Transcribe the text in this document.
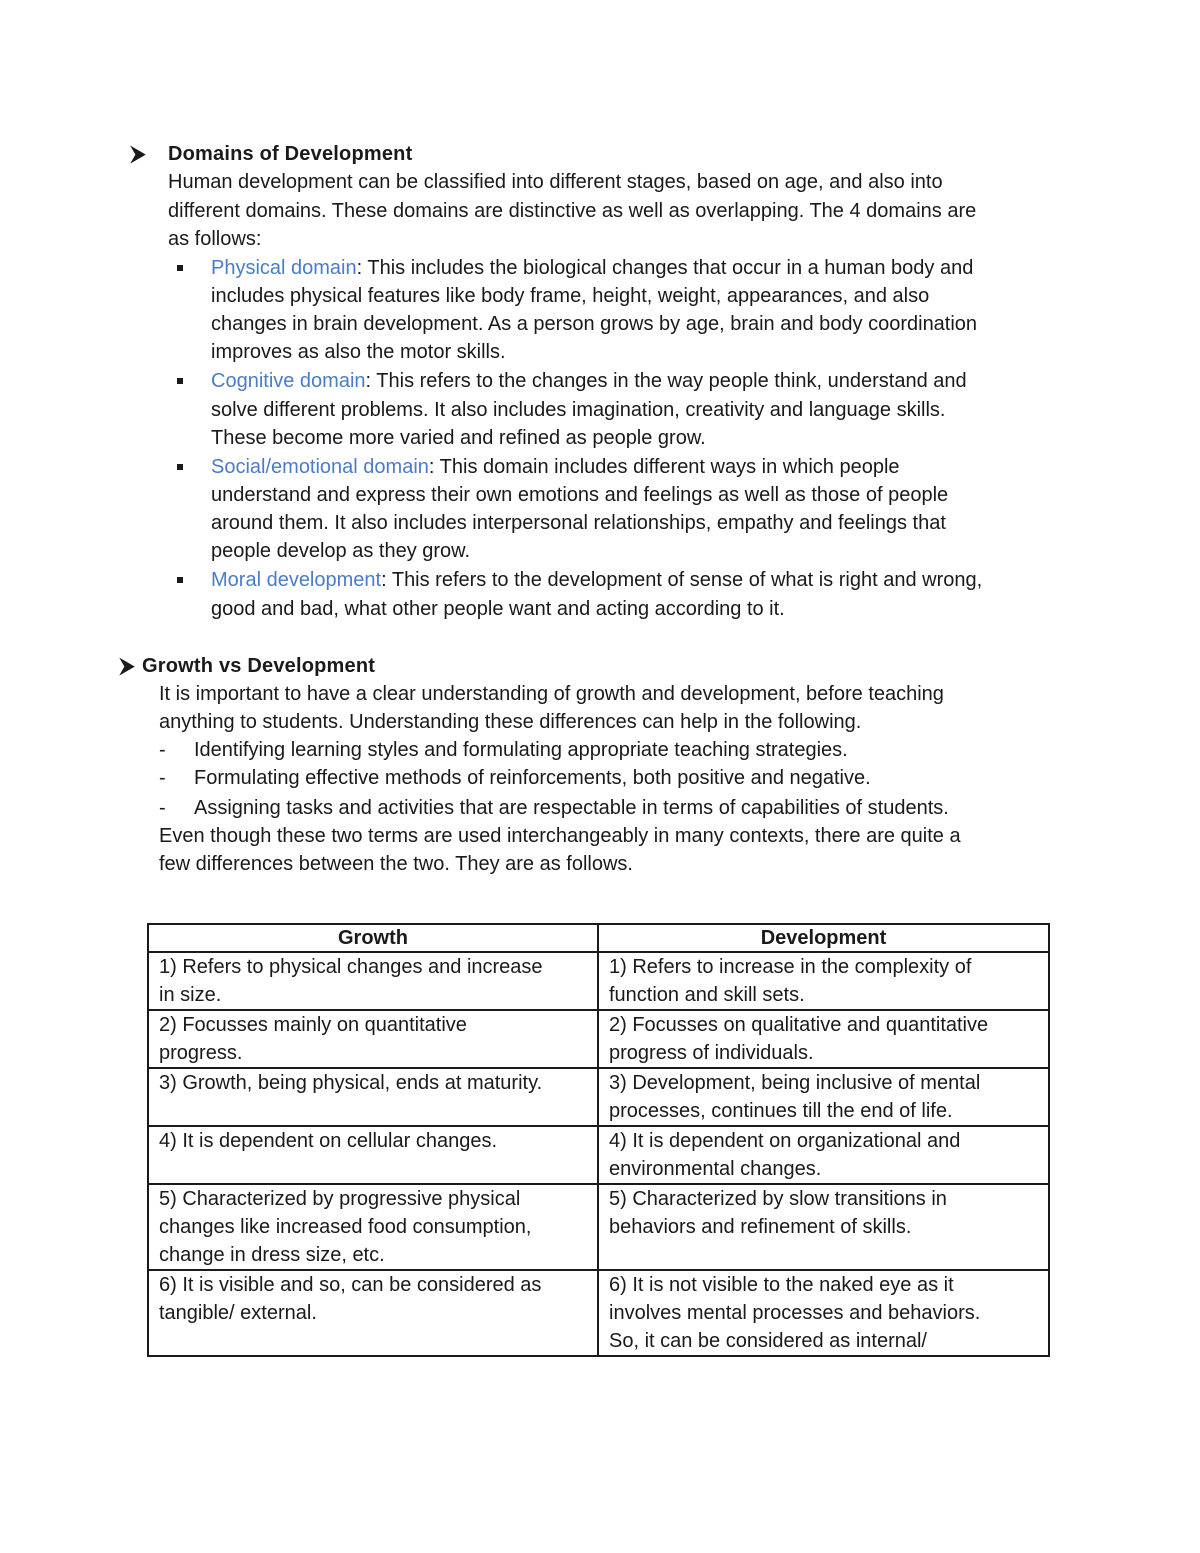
⮞ Domains of Development
Human development can be classified into different stages, based on age, and also into
different domains. These domains are distinctive as well as overlapping. The 4 domains are
as follows:
Physical domain: This includes the biological changes that occur in a human body and
includes physical features like body frame, height, weight, appearances, and also
changes in brain development. As a person grows by age, brain and body coordination
improves as also the motor skills.
Cognitive domain: This refers to the changes in the way people think, understand and
solve different problems. It also includes imagination, creativity and language skills.
These become more varied and refined as people grow.
Social/emotional domain: This domain includes different ways in which people
understand and express their own emotions and feelings as well as those of people
around them. It also includes interpersonal relationships, empathy and feelings that
people develop as they grow.
Moral development: This refers to the development of sense of what is right and wrong,
good and bad, what other people want and acting according to it.
⮞ Growth vs Development
It is important to have a clear understanding of growth and development, before teaching
anything to students. Understanding these differences can help in the following.
- Identifying learning styles and formulating appropriate teaching strategies.
- Formulating effective methods of reinforcements, both positive and negative.
- Assigning tasks and activities that are respectable in terms of capabilities of students.
Even though these two terms are used interchangeably in many contexts, there are quite a
few differences between the two. They are as follows.
Growth	Development

1) Refers to physical changes and increase
in size.	1) Refers to increase in the complexity of
function and skill sets.

2) Focusses mainly on quantitative
progress.	2) Focusses on qualitative and quantitative
progress of individuals.

3) Growth, being physical, ends at maturity.	3) Development, being inclusive of mental
processes, continues till the end of life.

4) It is dependent on cellular changes.	4) It is dependent on organizational and
environmental changes.

5) Characterized by progressive physical
changes like increased food consumption,
change in dress size, etc.	5) Characterized by slow transitions in
behaviors and refinement of skills.

6) It is visible and so, can be considered as
tangible/ external.	6) It is not visible to the naked eye as it
involves mental processes and behaviors.
So, it can be considered as internal/
